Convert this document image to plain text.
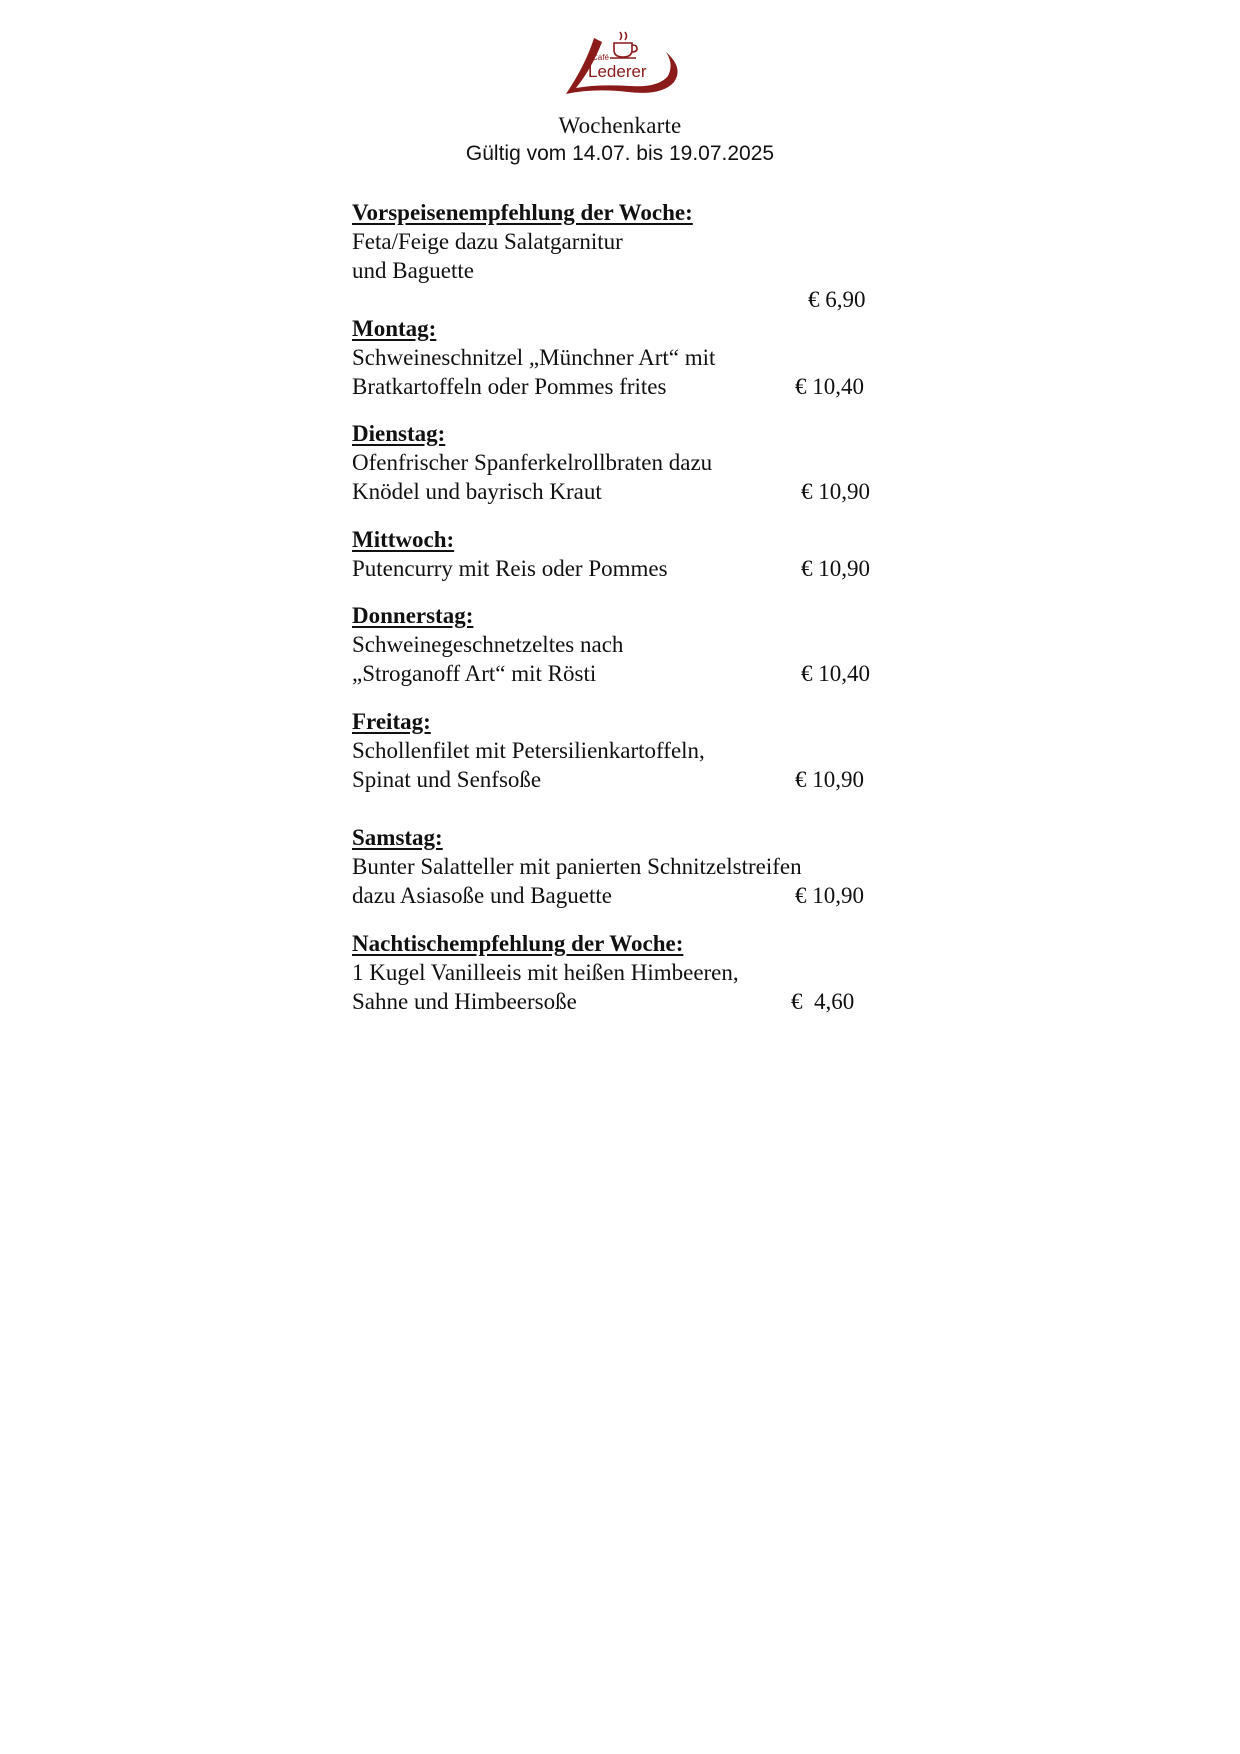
Café
Lederer
Wochenkarte
Gültig vom 14.07. bis 19.07.2025
Vorspeisenempfehlung der Woche:
Feta/Feige dazu Salatgarnitur
und Baguette
€ 6,90
Montag:
Schweineschnitzel „Münchner Art“ mit
Bratkartoffeln oder Pommes frites	€ 10,40
Dienstag:
Ofenfrischer Spanferkelrollbraten dazu
Knödel und bayrisch Kraut	€ 10,90
Mittwoch:
Putencurry mit Reis oder Pommes	€ 10,90
Donnerstag:
Schweinegeschnetzeltes nach
„Stroganoff Art“ mit Rösti	€ 10,40
Freitag:
Schollenfilet mit Petersilienkartoffeln,
Spinat und Senfsoße	€ 10,90
Samstag:
Bunter Salatteller mit panierten Schnitzelstreifen
dazu Asiasoße und Baguette	€ 10,90
Nachtischempfehlung der Woche:
1 Kugel Vanilleeis mit heißen Himbeeren,
Sahne und Himbeersoße	€  4,60
